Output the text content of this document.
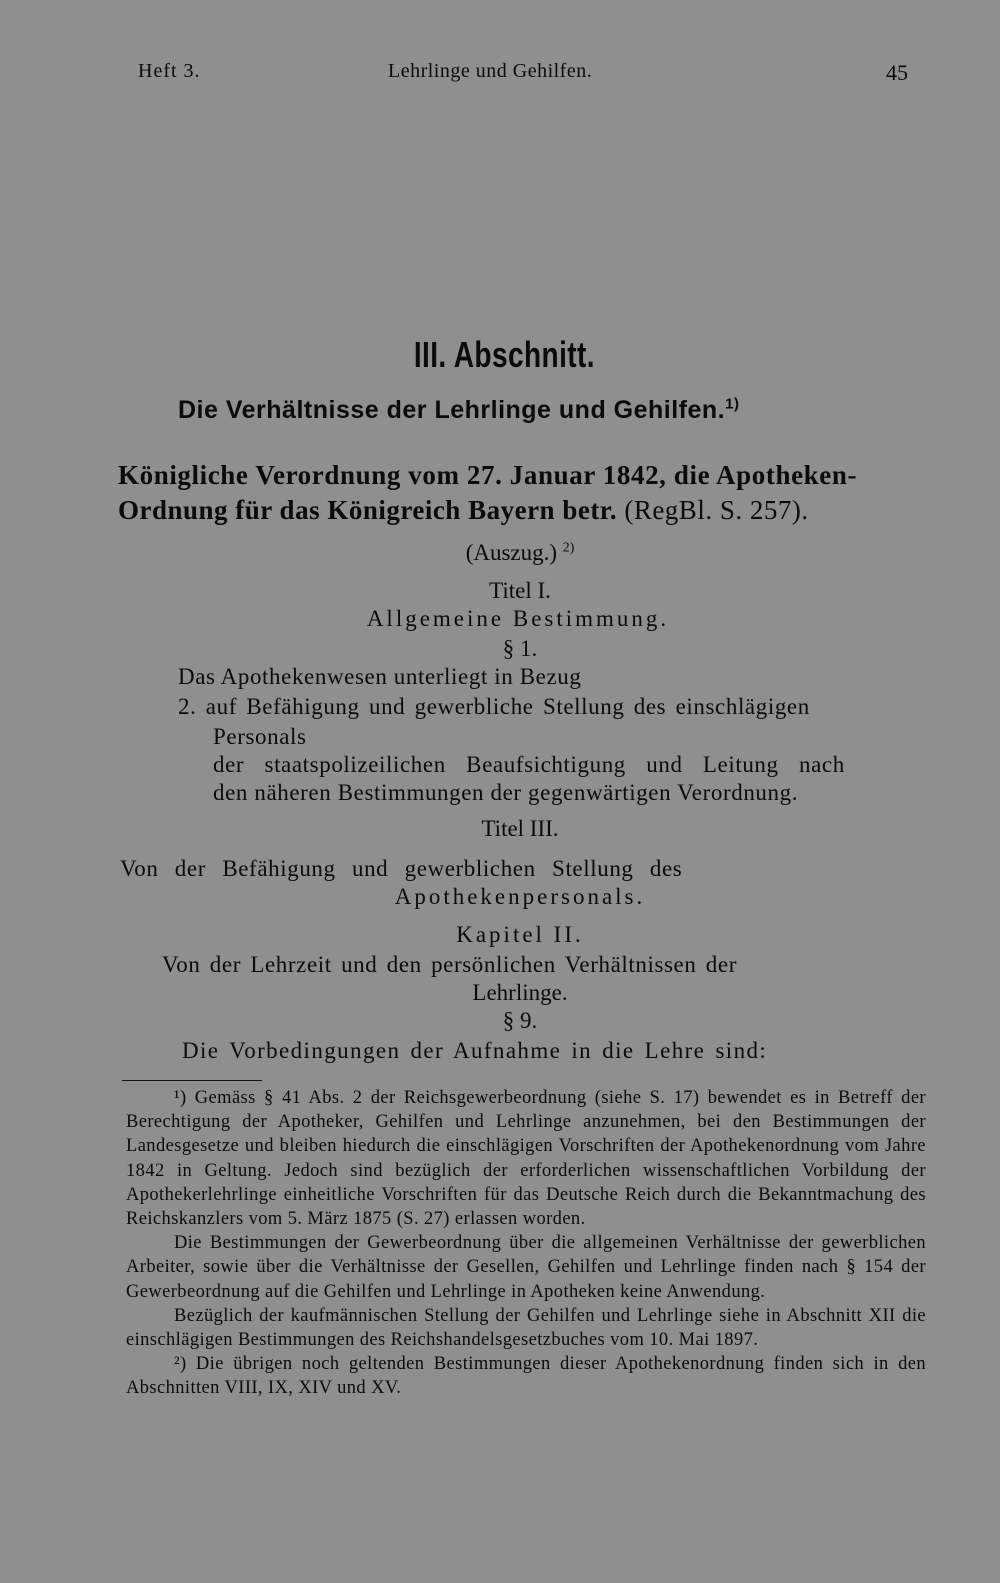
Heft 3.	Lehrlinge und Gehilfen.	45
III. Abschnitt.
Die Verhältnisse der Lehrlinge und Gehilfen.$^{1)}$
Königliche Verordnung vom 27. Januar 1842, die Apotheken-
Ordnung für das Königreich Bayern betr. (RegBl. S. 257).
(Auszug.) $^{2)}$
Titel I.
Allgemeine Bestimmung.
§ 1.
Das Apothekenwesen unterliegt in Bezug
2. auf Befähigung und gewerbliche Stellung des einschlägigen
Personals
der staatspolizeilichen Beaufsichtigung und Leitung nach
den näheren Bestimmungen der gegenwärtigen Verordnung.
Titel III.
Von der Befähigung und gewerblichen Stellung des
Apothekenpersonals.
Kapitel II.
Von der Lehrzeit und den persönlichen Verhältnissen der
Lehrlinge.
§ 9.
Die Vorbedingungen der Aufnahme in die Lehre sind:

¹) Gemäss § 41 Abs. 2 der Reichsgewerbeordnung (siehe S. 17) bewendet es in Betreff der Berechtigung der Apotheker, Gehilfen und Lehrlinge anzunehmen, bei den Bestimmungen der Landesgesetze und bleiben hiedurch die einschlägigen Vorschriften der Apothekenordnung vom Jahre 1842 in Geltung. Jedoch sind bezüglich der erforderlichen wissenschaftlichen Vorbildung der Apothekerlehrlinge einheitliche Vorschriften für das Deutsche Reich durch die Bekanntmachung des Reichskanzlers vom 5. März 1875 (S. 27) erlassen worden.

Die Bestimmungen der Gewerbeordnung über die allgemeinen Verhältnisse der gewerblichen Arbeiter, sowie über die Verhältnisse der Gesellen, Gehilfen und Lehrlinge finden nach § 154 der Gewerbeordnung auf die Gehilfen und Lehrlinge in Apotheken keine Anwendung.

Bezüglich der kaufmännischen Stellung der Gehilfen und Lehrlinge siehe in Abschnitt XII die einschlägigen Bestimmungen des Reichshandelsgesetzbuches vom 10. Mai 1897.

²) Die übrigen noch geltenden Bestimmungen dieser Apothekenordnung finden sich in den Abschnitten VIII, IX, XIV und XV.
